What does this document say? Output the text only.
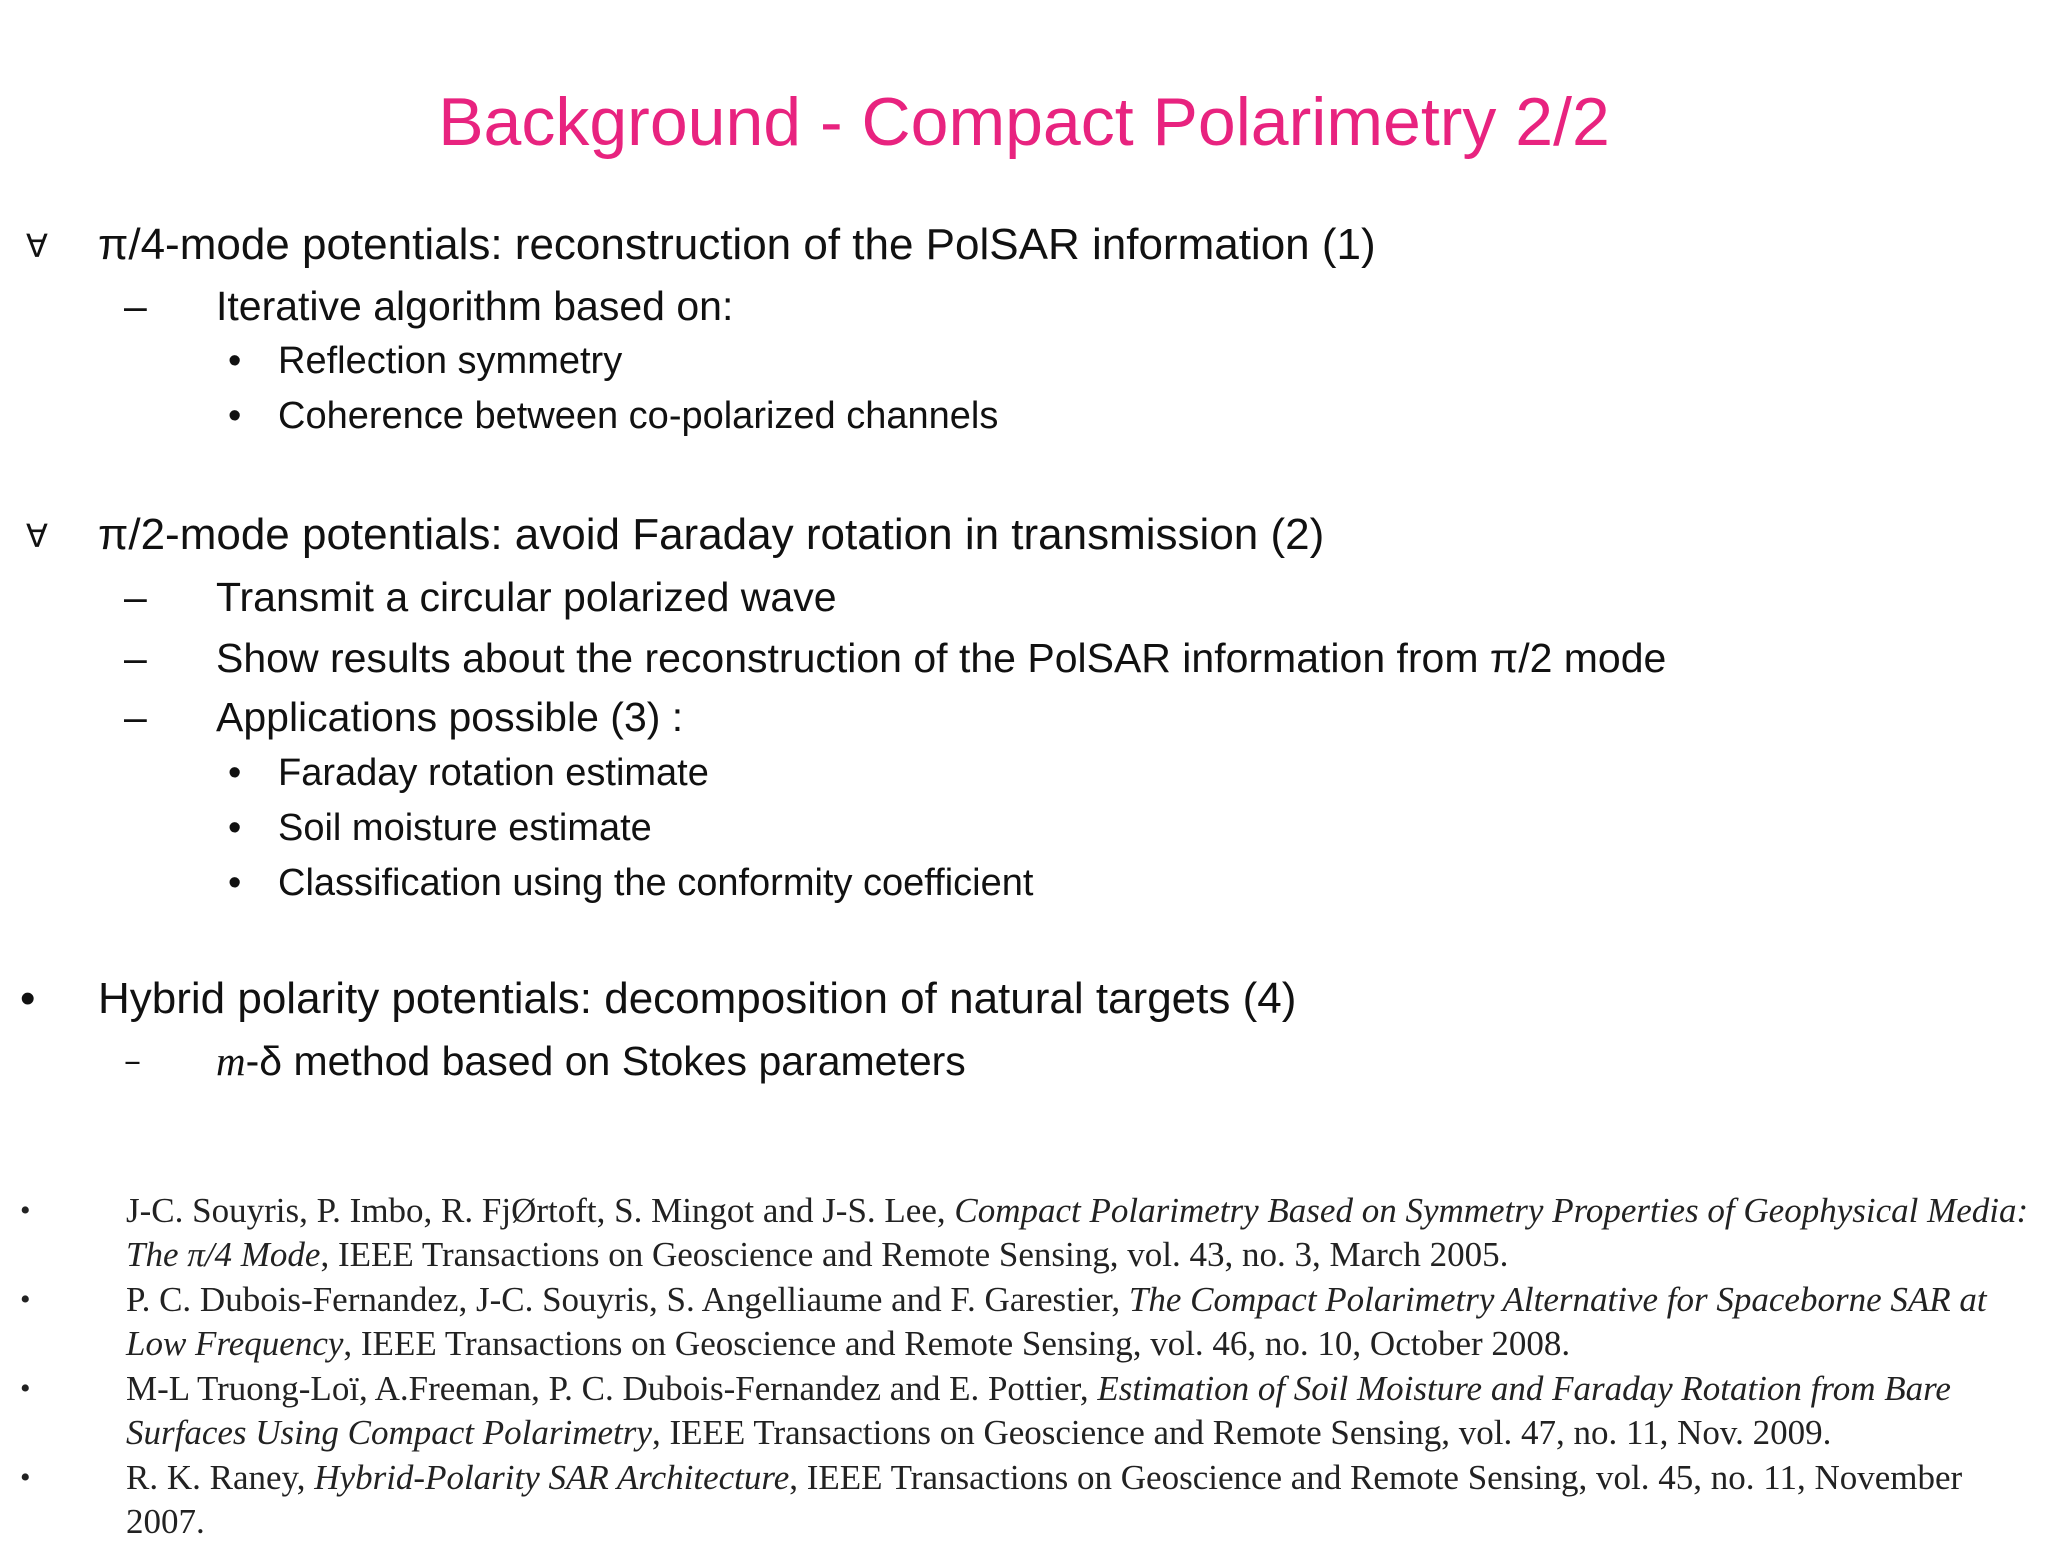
Background - Compact Polarimetry 2/2
∀ π/4-mode potentials: reconstruction of the PolSAR information (1)
– Iterative algorithm based on:
• Reflection symmetry
• Coherence between co-polarized channels
∀ π/2-mode potentials: avoid Faraday rotation in transmission (2)
– Transmit a circular polarized wave
– Show results about the reconstruction of the PolSAR information from π/2 mode
– Applications possible (3) :
• Faraday rotation estimate
• Soil moisture estimate
• Classification using the conformity coefficient
• Hybrid polarity potentials: decomposition of natural targets (4)
– m-δ method based on Stokes parameters
•	J-C. Souyris, P. Imbo, R. FjØrtoft, S. Mingot and J-S. Lee, Compact Polarimetry Based on Symmetry Properties of Geophysical Media: The π/4 Mode, IEEE Transactions on Geoscience and Remote Sensing, vol. 43, no. 3, March 2005.
•	P. C. Dubois-Fernandez, J-C. Souyris, S. Angelliaume and F. Garestier, The Compact Polarimetry Alternative for Spaceborne SAR at Low Frequency, IEEE Transactions on Geoscience and Remote Sensing, vol. 46, no. 10, October 2008.
•	M-L Truong-Loï, A.Freeman, P. C. Dubois-Fernandez and E. Pottier, Estimation of Soil Moisture and Faraday Rotation from Bare Surfaces Using Compact Polarimetry, IEEE Transactions on Geoscience and Remote Sensing, vol. 47, no. 11, Nov. 2009.
•	R. K. Raney, Hybrid-Polarity SAR Architecture, IEEE Transactions on Geoscience and Remote Sensing, vol. 45, no. 11, November 2007.
